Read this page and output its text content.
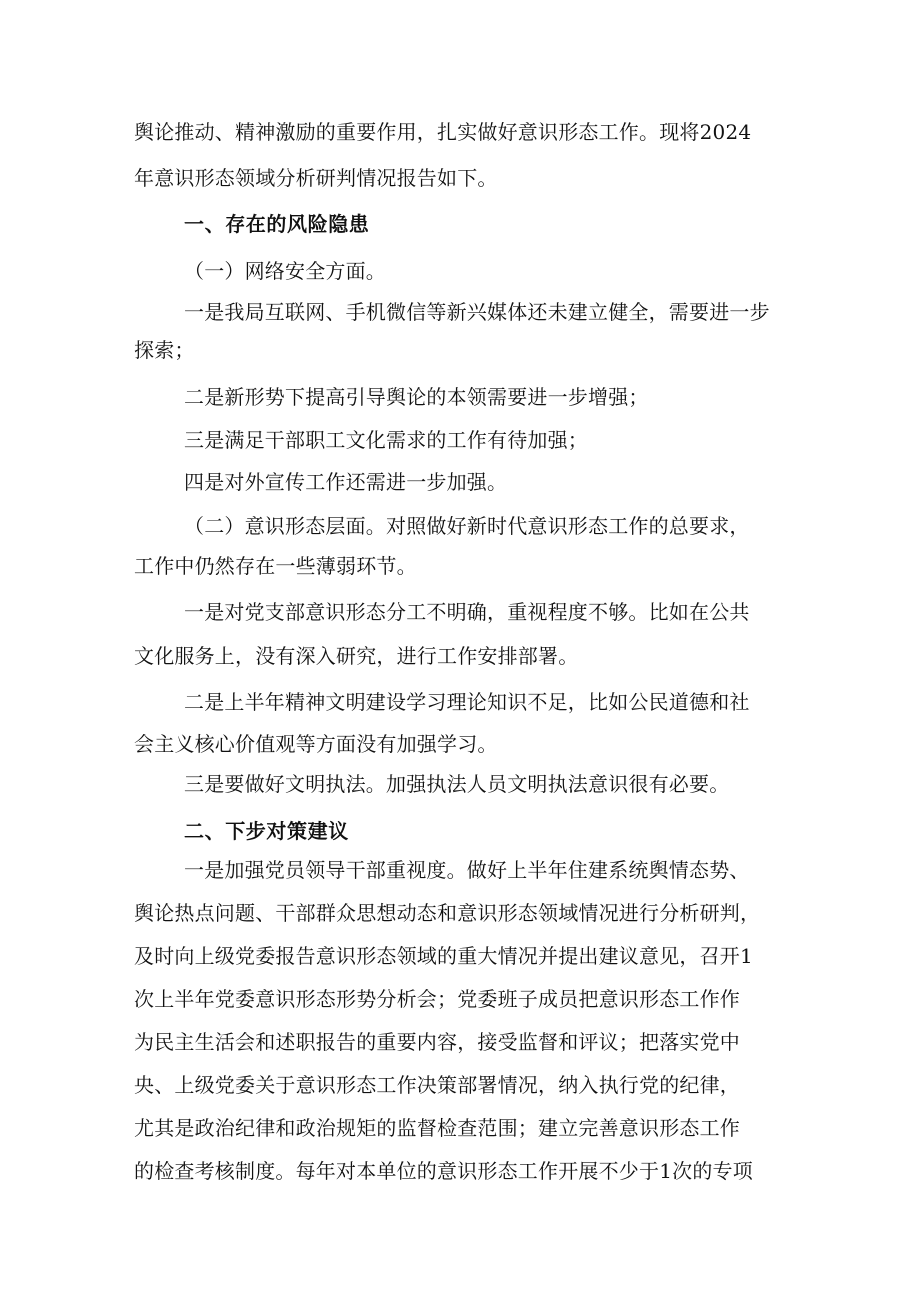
舆论推动、精神激励的重要作用，扎实做好意识形态工作。现将2024
年意识形态领域分析研判情况报告如下。
一、存在的风险隐患
（一）网络安全方面。
一是我局互联网、手机微信等新兴媒体还未建立健全，需要进一步
探索；
二是新形势下提高引导舆论的本领需要进一步增强；
三是满足干部职工文化需求的工作有待加强；
四是对外宣传工作还需进一步加强。
（二）意识形态层面。对照做好新时代意识形态工作的总要求，
工作中仍然存在一些薄弱环节。
一是对党支部意识形态分工不明确，重视程度不够。比如在公共
文化服务上，没有深入研究，进行工作安排部署。
二是上半年精神文明建设学习理论知识不足，比如公民道德和社
会主义核心价值观等方面没有加强学习。
三是要做好文明执法。加强执法人员文明执法意识很有必要。
二、下步对策建议
一是加强党员领导干部重视度。做好上半年住建系统舆情态势、
舆论热点问题、干部群众思想动态和意识形态领域情况进行分析研判，
及时向上级党委报告意识形态领域的重大情况并提出建议意见，召开1
次上半年党委意识形态形势分析会；党委班子成员把意识形态工作作
为民主生活会和述职报告的重要内容，接受监督和评议；把落实党中
央、上级党委关于意识形态工作决策部署情况，纳入执行党的纪律，
尤其是政治纪律和政治规矩的监督检查范围；建立完善意识形态工作
的检查考核制度。每年对本单位的意识形态工作开展不少于1次的专项
